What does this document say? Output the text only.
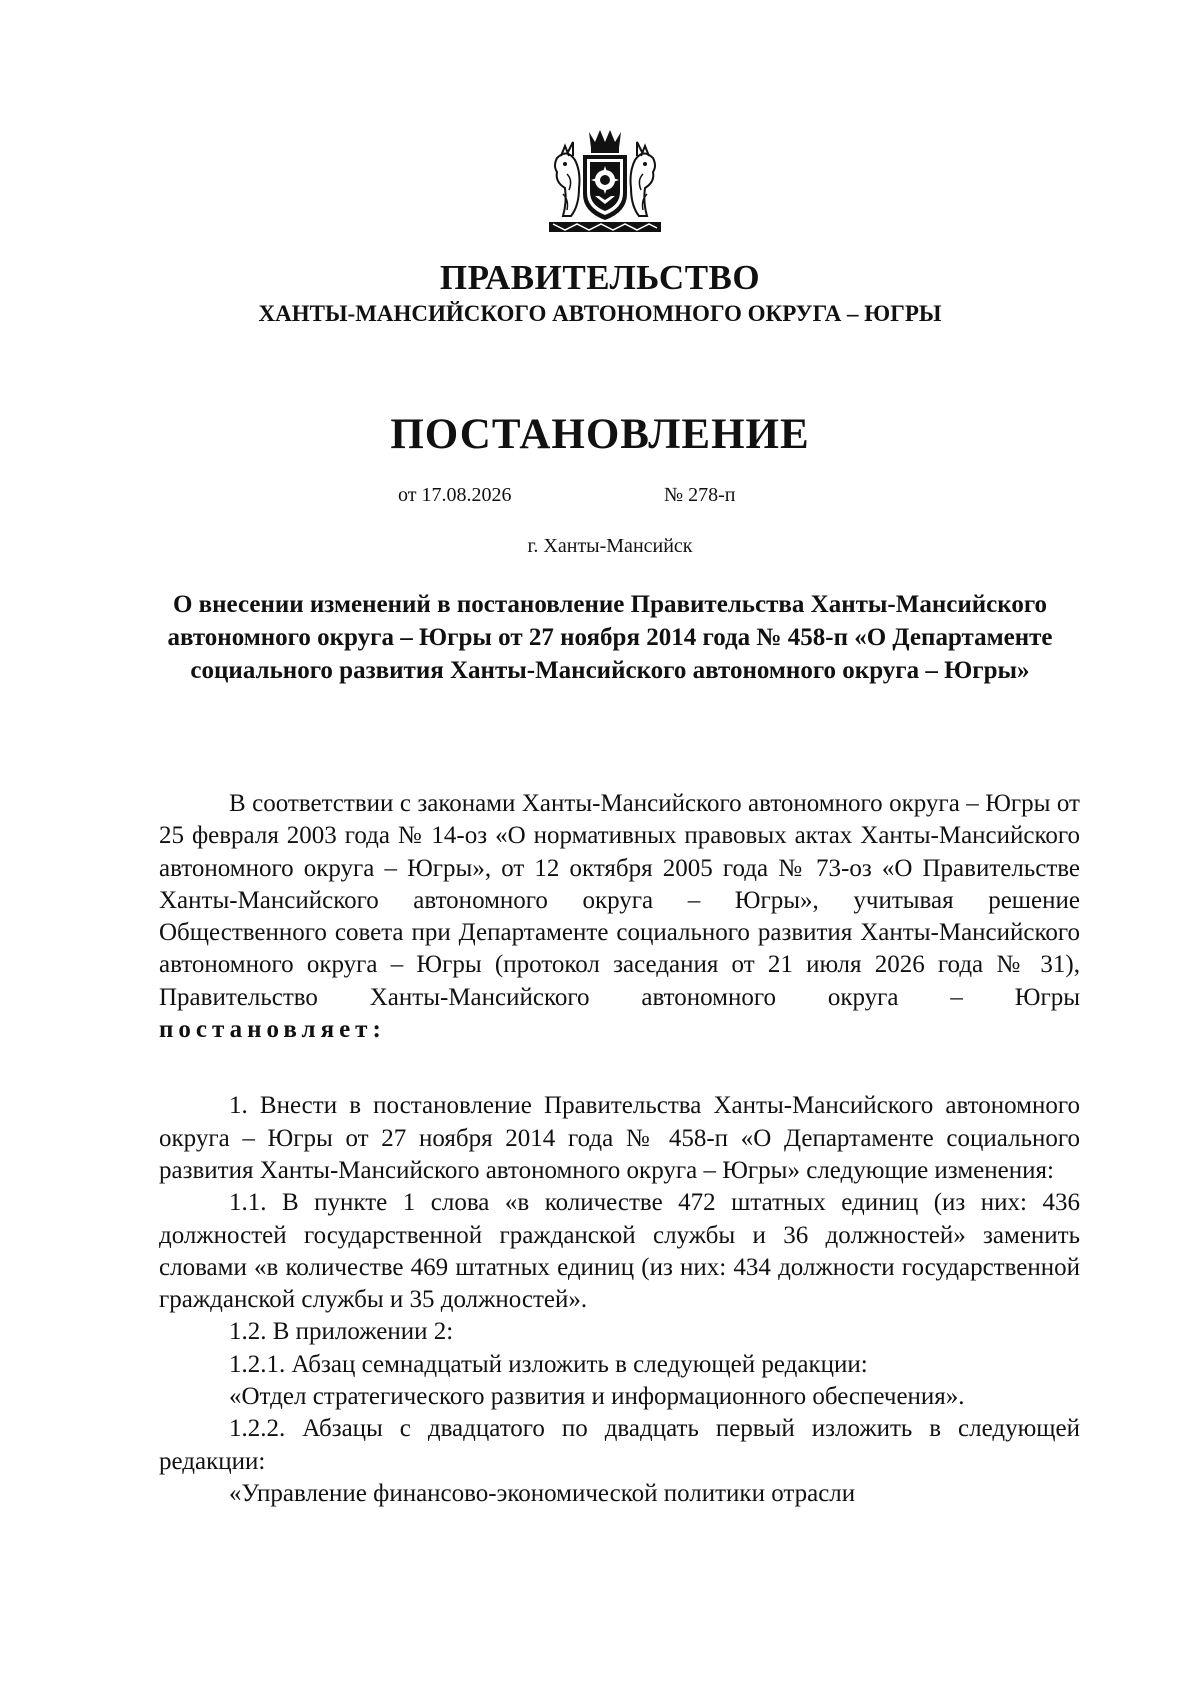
ПРАВИТЕЛЬСТВО
ХАНТЫ-МАНСИЙСКОГО АВТОНОМНОГО ОКРУГА – ЮГРЫ
ПОСТАНОВЛЕНИЕ
от 17.08.2026	№ 278-п
г. Ханты-Мансийск
О внесении изменений в постановление Правительства Ханты-Мансийского автономного округа – Югры от 27 ноября 2014 года № 458-п «О Департаменте социального развития Ханты-Мансийского автономного округа – Югры»

В соответствии с законами Ханты-Мансийского автономного округа – Югры от 25 февраля 2003 года № 14-оз «О нормативных правовых актах Ханты-Мансийского автономного округа – Югры», от 12 октября 2005 года № 73-оз «О Правительстве Ханты-Мансийского автономного округа – Югры», учитывая решение Общественного совета при Департаменте социального развития Ханты-Мансийского автономного округа – Югры (протокол заседания от 21 июля 2026 года № 31), Правительство Ханты-Мансийского автономного округа – Югры постановляет:

1. Внести в постановление Правительства Ханты-Мансийского автономного округа – Югры от 27 ноября 2014 года № 458-п «О Департаменте социального развития Ханты-Мансийского автономного округа – Югры» следующие изменения:

1.1. В пункте 1 слова «в количестве 472 штатных единиц (из них: 436 должностей государственной гражданской службы и 36 должностей» заменить словами «в количестве 469 штатных единиц (из них: 434 должности государственной гражданской службы и 35 должностей».

1.2. В приложении 2:

1.2.1. Абзац семнадцатый изложить в следующей редакции:

«Отдел стратегического развития и информационного обеспечения».

1.2.2. Абзацы с двадцатого по двадцать первый изложить в следующей редакции:

«Управление финансово-экономической политики отрасли
